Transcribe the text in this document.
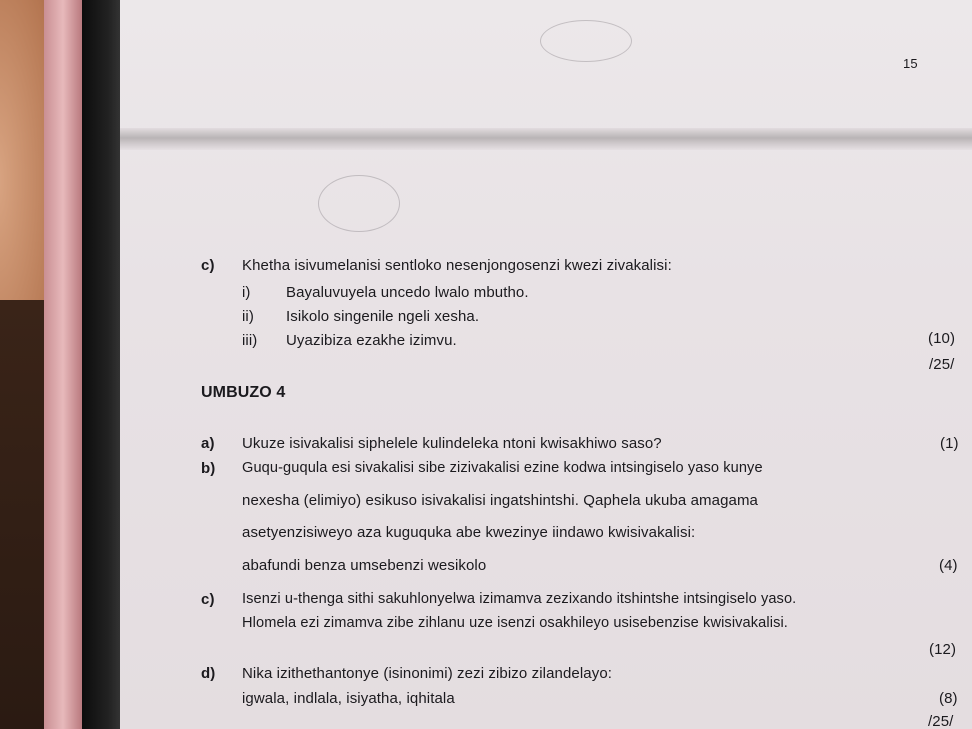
15
c) Khetha isivumelanisi sentloko nesenjongosenzi kwezi zivakalisi:
i) Bayaluvuyela uncedo lwalo mbutho.
ii) Isikolo singenile ngeli xesha.
iii) Uyazibiza ezakhe izimvu.	(10)
/25/
UMBUZO 4
a) Ukuze isivakalisi siphelele kulindeleka ntoni kwisakhiwo saso?	(1)
b) Guqu-guqula esi sivakalisi sibe zizivakalisi ezine kodwa intsingiselo yaso kunye
nexesha (elimiyo) esikuso isivakalisi ingatshintshi. Qaphela ukuba amagama
asetyenzisiweyo aza kuguquka abe kwezinye iindawo kwisivakalisi:
abafundi benza umsebenzi wesikolo	(4)
c) Isenzi u-thenga sithi sakuhlonyelwa izimamva zezixando itshintshe intsingiselo yaso.
Hlomela ezi zimamva zibe zihlanu uze isenzi osakhileyo usisebenzise kwisivakalisi.
(12)
d) Nika izithethantonye (isinonimi) zezi zibizo zilandelayo:
igwala, indlala, isiyatha, iqhitala	(8)
/25/
